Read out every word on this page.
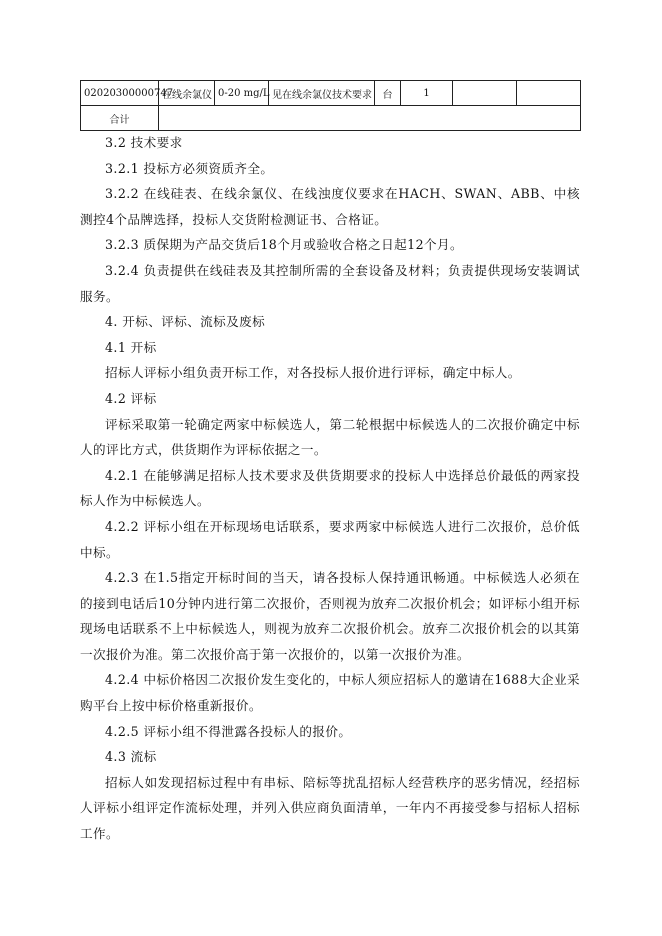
02020300000747	在线余氯仪	0-20 mg/L	见在线余氯仪技术要求	台	1		
合计							

3.2 技术要求

3.2.1 投标方必须资质齐全。

3.2.2 在线硅表、在线余氯仪、在线浊度仪要求在HACH、SWAN、ABB、中核测控4个品牌选择，投标人交货附检测证书、合格证。

3.2.3 质保期为产品交货后18个月或验收合格之日起12个月。

3.2.4 负责提供在线硅表及其控制所需的全套设备及材料；负责提供现场安装调试服务。

4. 开标、评标、流标及废标

4.1 开标

招标人评标小组负责开标工作，对各投标人报价进行评标，确定中标人。

4.2 评标

评标采取第一轮确定两家中标候选人，第二轮根据中标候选人的二次报价确定中标人的评比方式，供货期作为评标依据之一。

4.2.1 在能够满足招标人技术要求及供货期要求的投标人中选择总价最低的两家投标人作为中标候选人。

4.2.2 评标小组在开标现场电话联系，要求两家中标候选人进行二次报价，总价低中标。

4.2.3 在1.5指定开标时间的当天，请各投标人保持通讯畅通。中标候选人必须在的接到电话后10分钟内进行第二次报价，否则视为放弃二次报价机会；如评标小组开标现场电话联系不上中标候选人，则视为放弃二次报价机会。放弃二次报价机会的以其第一次报价为准。第二次报价高于第一次报价的，以第一次报价为准。

4.2.4 中标价格因二次报价发生变化的，中标人须应招标人的邀请在1688大企业采购平台上按中标价格重新报价。

4.2.5 评标小组不得泄露各投标人的报价。

4.3 流标

招标人如发现招标过程中有串标、陪标等扰乱招标人经营秩序的恶劣情况，经招标人评标小组评定作流标处理，并列入供应商负面清单，一年内不再接受参与招标人招标工作。
